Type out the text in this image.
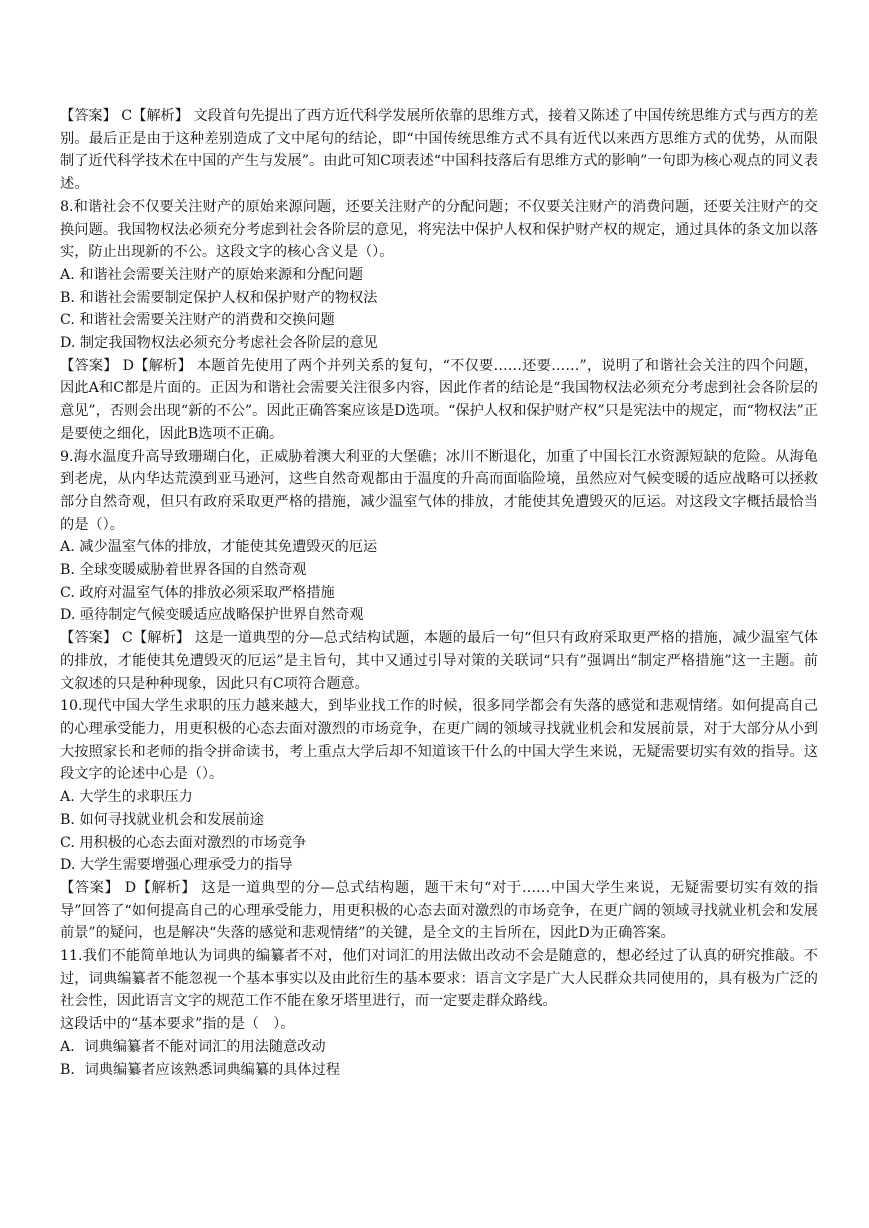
【答案】 C【解析】 文段首句先提出了西方近代科学发展所依靠的思维方式，接着又陈述了中国传统思维方式与西方的差别。最后正是由于这种差别造成了文中尾句的结论，即“中国传统思维方式不具有近代以来西方思维方式的优势，从而限制了近代科学技术在中国的产生与发展”。由此可知C项表述“中国科技落后有思维方式的影响”一句即为核心观点的同义表述。

8.和谐社会不仅要关注财产的原始来源问题，还要关注财产的分配问题；不仅要关注财产的消费问题，还要关注财产的交换问题。我国物权法必须充分考虑到社会各阶层的意见，将宪法中保护人权和保护财产权的规定，通过具体的条文加以落实，防止出现新的不公。这段文字的核心含义是（）。

A. 和谐社会需要关注财产的原始来源和分配问题

B. 和谐社会需要制定保护人权和保护财产的物权法

C. 和谐社会需要关注财产的消费和交换问题

D. 制定我国物权法必须充分考虑社会各阶层的意见

【答案】 D【解析】 本题首先使用了两个并列关系的复句，“不仅要……还要……”，说明了和谐社会关注的四个问题，因此A和C都是片面的。正因为和谐社会需要关注很多内容，因此作者的结论是“我国物权法必须充分考虑到社会各阶层的意见”，否则会出现“新的不公”。因此正确答案应该是D选项。“保护人权和保护财产权”只是宪法中的规定，而“物权法”正是要使之细化，因此B选项不正确。

9.海水温度升高导致珊瑚白化，正威胁着澳大利亚的大堡礁；冰川不断退化，加重了中国长江水资源短缺的危险。从海龟到老虎，从内华达荒漠到亚马逊河，这些自然奇观都由于温度的升高而面临险境，虽然应对气候变暖的适应战略可以拯救部分自然奇观，但只有政府采取更严格的措施，减少温室气体的排放，才能使其免遭毁灭的厄运。对这段文字概括最恰当的是（）。

A. 减少温室气体的排放，才能使其免遭毁灭的厄运

B. 全球变暖威胁着世界各国的自然奇观

C. 政府对温室气体的排放必须采取严格措施

D. 亟待制定气候变暖适应战略保护世界自然奇观

【答案】 C【解析】 这是一道典型的分—总式结构试题，本题的最后一句“但只有政府采取更严格的措施，减少温室气体的排放，才能使其免遭毁灭的厄运”是主旨句，其中又通过引导对策的关联词“只有”强调出“制定严格措施”这一主题。前文叙述的只是种种现象，因此只有C项符合题意。

10.现代中国大学生求职的压力越来越大，到毕业找工作的时候，很多同学都会有失落的感觉和悲观情绪。如何提高自己的心理承受能力，用更积极的心态去面对激烈的市场竞争，在更广阔的领域寻找就业机会和发展前景，对于大部分从小到大按照家长和老师的指令拼命读书，考上重点大学后却不知道该干什么的中国大学生来说，无疑需要切实有效的指导。这段文字的论述中心是（）。

A. 大学生的求职压力

B. 如何寻找就业机会和发展前途

C. 用积极的心态去面对激烈的市场竞争

D. 大学生需要增强心理承受力的指导

【答案】 D【解析】 这是一道典型的分—总式结构题，题干末句“对于……中国大学生来说，无疑需要切实有效的指导”回答了“如何提高自己的心理承受能力，用更积极的心态去面对激烈的市场竞争，在更广阔的领域寻找就业机会和发展前景”的疑问，也是解决“失落的感觉和悲观情绪”的关键，是全文的主旨所在，因此D为正确答案。

11.我们不能简单地认为词典的编纂者不对，他们对词汇的用法做出改动不会是随意的，想必经过了认真的研究推敲。不过，词典编纂者不能忽视一个基本事实以及由此衍生的基本要求：语言文字是广大人民群众共同使用的，具有极为广泛的社会性，因此语言文字的规范工作不能在象牙塔里进行，而一定要走群众路线。

这段话中的“基本要求”指的是（　）。

A．词典编纂者不能对词汇的用法随意改动

B．词典编纂者应该熟悉词典编纂的具体过程
